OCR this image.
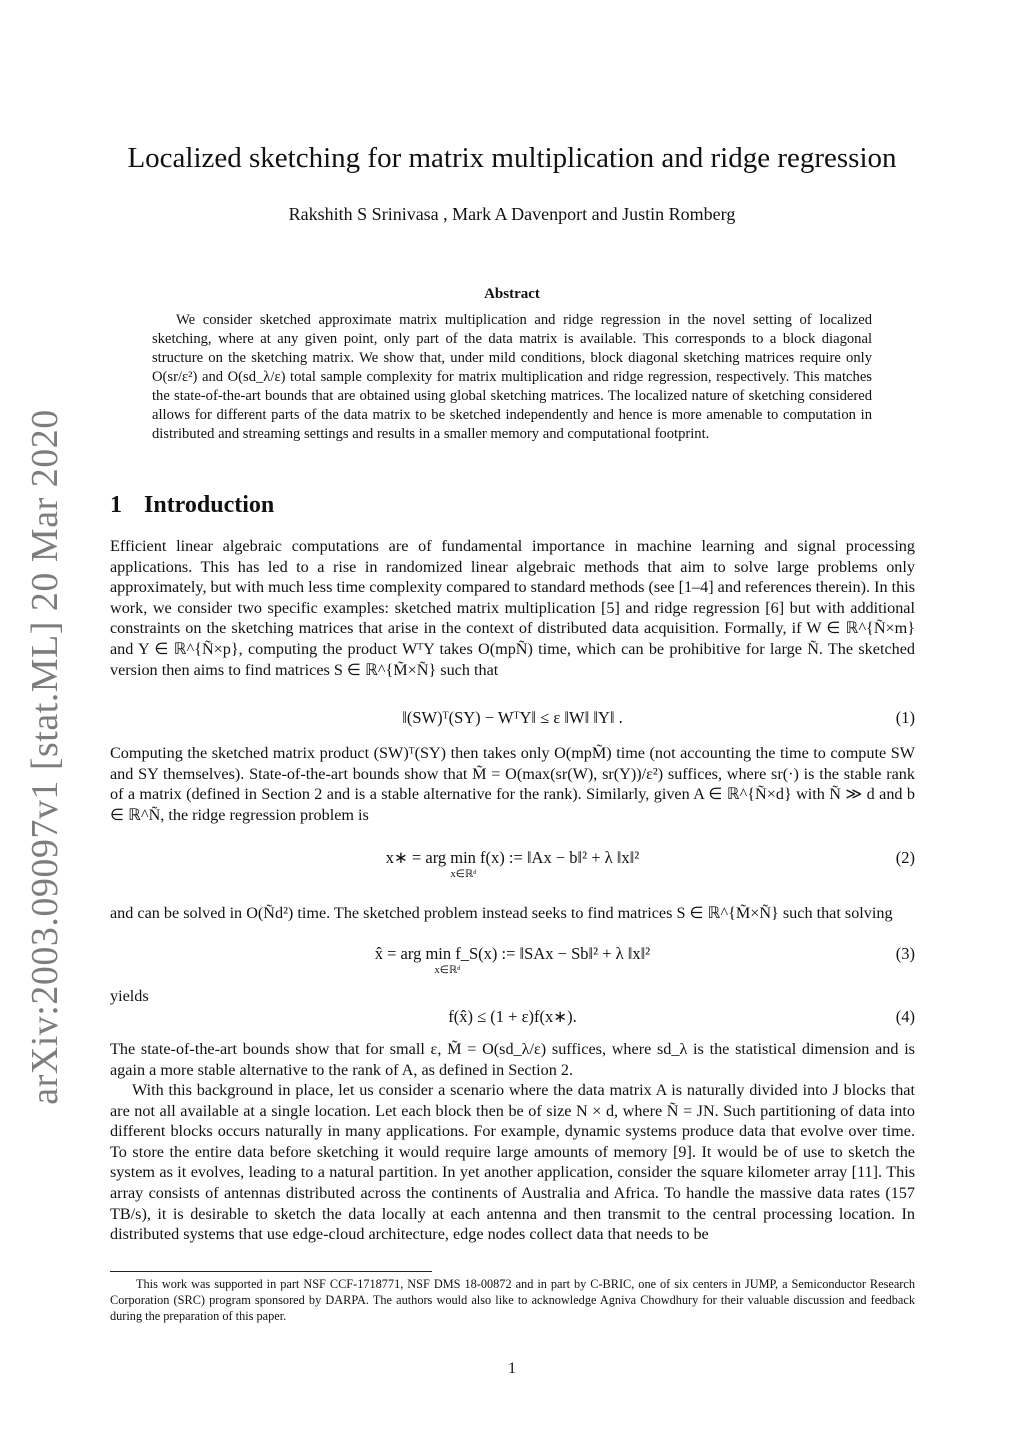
arXiv:2003.09097v1 [stat.ML] 20 Mar 2020
Localized sketching for matrix multiplication and ridge regression
Rakshith S Srinivasa , Mark A Davenport and Justin Romberg
Abstract
We consider sketched approximate matrix multiplication and ridge regression in the novel setting of localized sketching, where at any given point, only part of the data matrix is available. This corresponds to a block diagonal structure on the sketching matrix. We show that, under mild conditions, block diagonal sketching matrices require only O(sr/ε²) and O(sd_λ/ε) total sample complexity for matrix multiplication and ridge regression, respectively. This matches the state-of-the-art bounds that are obtained using global sketching matrices. The localized nature of sketching considered allows for different parts of the data matrix to be sketched independently and hence is more amenable to computation in distributed and streaming settings and results in a smaller memory and computational footprint.
1 Introduction
Efficient linear algebraic computations are of fundamental importance in machine learning and signal processing applications. This has led to a rise in randomized linear algebraic methods that aim to solve large problems only approximately, but with much less time complexity compared to standard methods (see [1–4] and references therein). In this work, we consider two specific examples: sketched matrix multiplication [5] and ridge regression [6] but with additional constraints on the sketching matrices that arise in the context of distributed data acquisition. Formally, if W ∈ ℝ^{Ñ×m} and Y ∈ ℝ^{Ñ×p}, computing the product WᵀY takes O(mpÑ) time, which can be prohibitive for large Ñ. The sketched version then aims to find matrices S ∈ ℝ^{M̃×Ñ} such that
‖(SW)ᵀ(SY) − WᵀY‖ ≤ ε ‖W‖ ‖Y‖ .	(1)
Computing the sketched matrix product (SW)ᵀ(SY) then takes only O(mpM̃) time (not accounting the time to compute SW and SY themselves). State-of-the-art bounds show that M̃ = O(max(sr(W), sr(Y))/ε²) suffices, where sr(·) is the stable rank of a matrix (defined in Section 2 and is a stable alternative for the rank). Similarly, given A ∈ ℝ^{Ñ×d} with Ñ ≫ d and b ∈ ℝ^Ñ, the ridge regression problem is
x∗ = arg min f(x) := ‖Ax − b‖² + λ ‖x‖²
x∈ℝᵈ
(2)
and can be solved in O(Ñd²) time. The sketched problem instead seeks to find matrices S ∈ ℝ^{M̃×Ñ} such that solving
x̂ = arg min f_S(x) := ‖SAx − Sb‖² + λ ‖x‖²
x∈ℝᵈ
(3)
yields
f(x̂) ≤ (1 + ε)f(x∗).	(4)
The state-of-the-art bounds show that for small ε, M̃ = O(sd_λ/ε) suffices, where sd_λ is the statistical dimension and is again a more stable alternative to the rank of A, as defined in Section 2.
With this background in place, let us consider a scenario where the data matrix A is naturally divided into J blocks that are not all available at a single location. Let each block then be of size N × d, where Ñ = JN. Such partitioning of data into different blocks occurs naturally in many applications. For example, dynamic systems produce data that evolve over time. To store the entire data before sketching it would require large amounts of memory [9]. It would be of use to sketch the system as it evolves, leading to a natural partition. In yet another application, consider the square kilometer array [11]. This array consists of antennas distributed across the continents of Australia and Africa. To handle the massive data rates (157 TB/s), it is desirable to sketch the data locally at each antenna and then transmit to the central processing location. In distributed systems that use edge-cloud architecture, edge nodes collect data that needs to be
This work was supported in part NSF CCF-1718771, NSF DMS 18-00872 and in part by C-BRIC, one of six centers in JUMP, a Semiconductor Research Corporation (SRC) program sponsored by DARPA. The authors would also like to acknowledge Agniva Chowdhury for their valuable discussion and feedback during the preparation of this paper.
1
